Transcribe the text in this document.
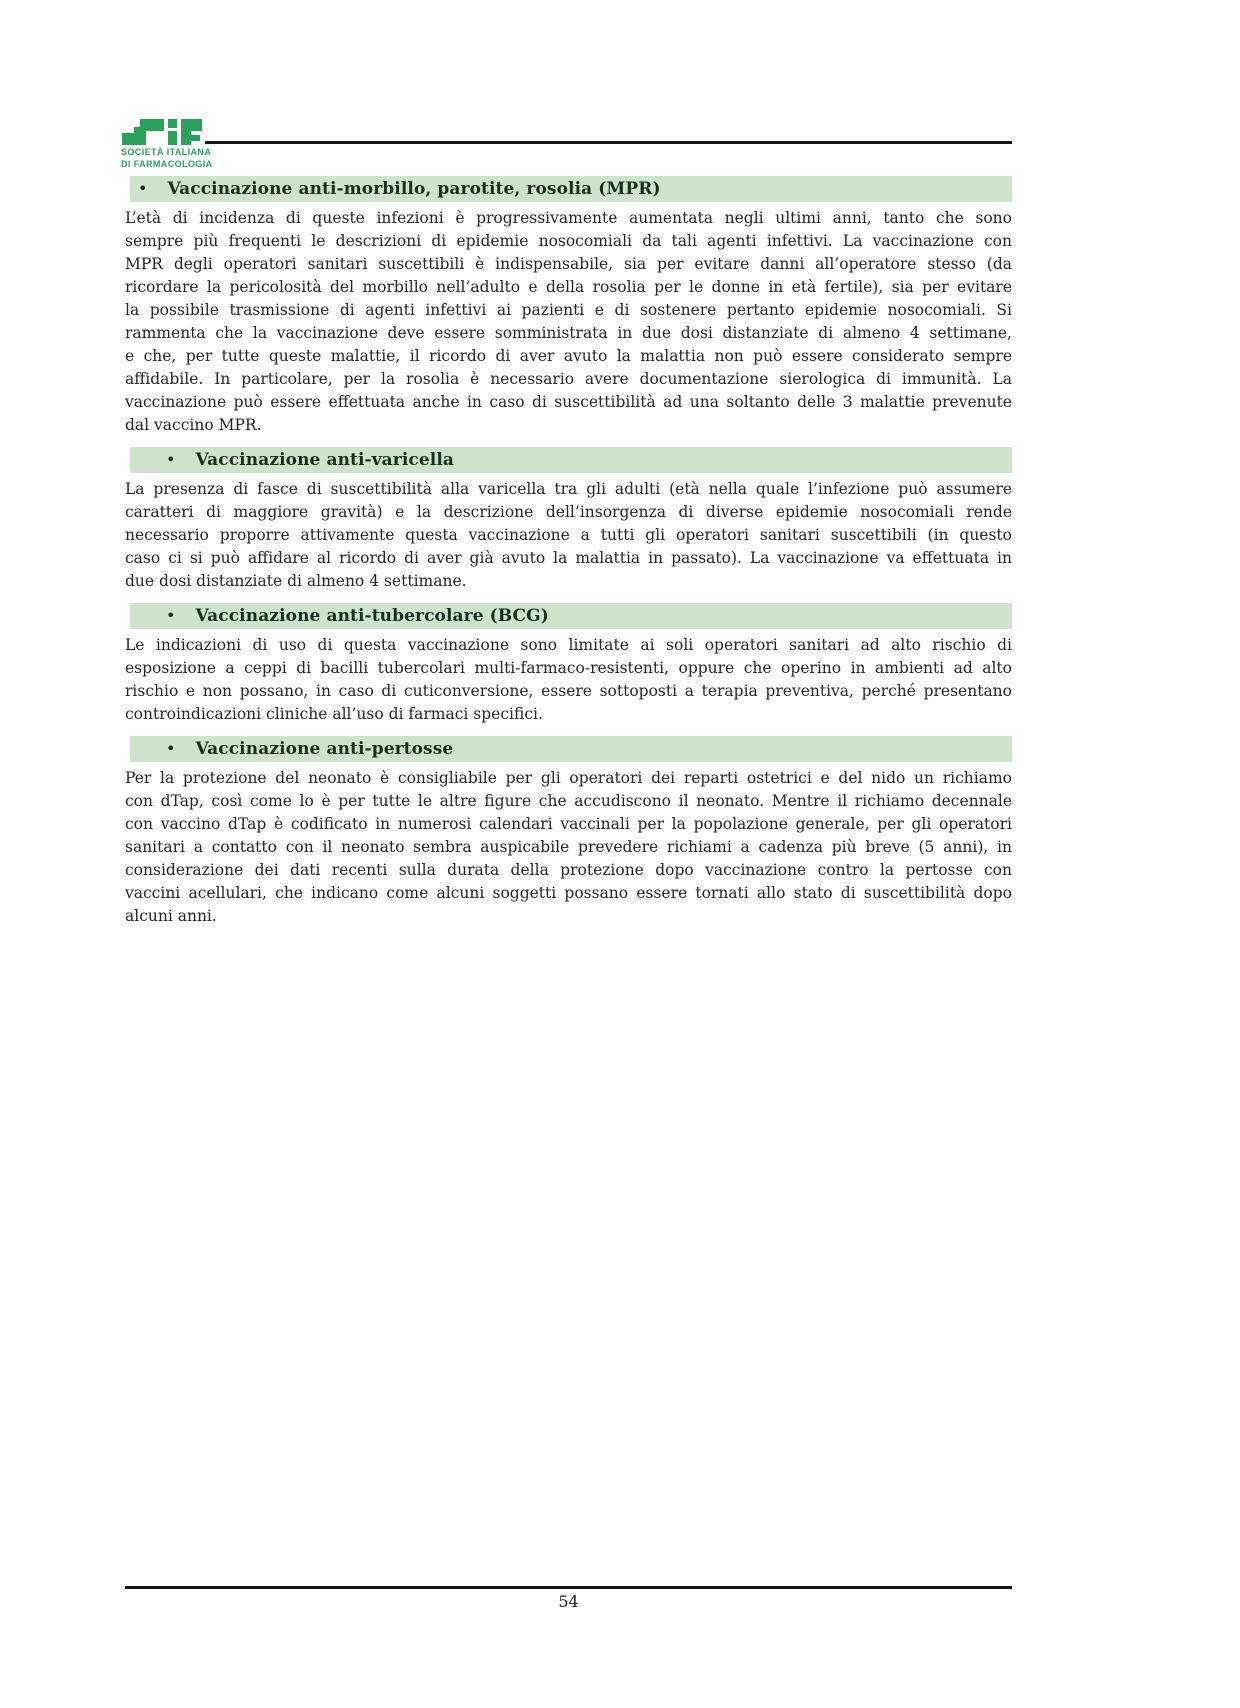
SOCIETÀ ITALIANA
DI FARMACOLOGIA
• Vaccinazione anti-morbillo, parotite, rosolia (MPR)
L’età di incidenza di queste infezioni è progressivamente aumentata negli ultimi anni, tanto che sono
sempre più frequenti le descrizioni di epidemie nosocomiali da tali agenti infettivi. La vaccinazione con
MPR degli operatori sanitari suscettibili è indispensabile, sia per evitare danni all’operatore stesso (da
ricordare la pericolosità del morbillo nell’adulto e della rosolia per le donne in età fertile), sia per evitare
la possibile trasmissione di agenti infettivi ai pazienti e di sostenere pertanto epidemie nosocomiali. Si
rammenta che la vaccinazione deve essere somministrata in due dosi distanziate di almeno 4 settimane,
e che, per tutte queste malattie, il ricordo di aver avuto la malattia non può essere considerato sempre
affidabile. In particolare, per la rosolia è necessario avere documentazione sierologica di immunità. La
vaccinazione può essere effettuata anche in caso di suscettibilità ad una soltanto delle 3 malattie prevenute
dal vaccino MPR.
• Vaccinazione anti-varicella
La presenza di fasce di suscettibilità alla varicella tra gli adulti (età nella quale l’infezione può assumere
caratteri di maggiore gravità) e la descrizione dell’insorgenza di diverse epidemie nosocomiali rende
necessario proporre attivamente questa vaccinazione a tutti gli operatori sanitari suscettibili (in questo
caso ci si può affidare al ricordo di aver già avuto la malattia in passato). La vaccinazione va effettuata in
due dosi distanziate di almeno 4 settimane.
• Vaccinazione anti-tubercolare (BCG)
Le indicazioni di uso di questa vaccinazione sono limitate ai soli operatori sanitari ad alto rischio di
esposizione a ceppi di bacilli tubercolari multi-farmaco-resistenti, oppure che operino in ambienti ad alto
rischio e non possano, in caso di cuticonversione, essere sottoposti a terapia preventiva, perché presentano
controindicazioni cliniche all’uso di farmaci specifici.
• Vaccinazione anti-pertosse
Per la protezione del neonato è consigliabile per gli operatori dei reparti ostetrici e del nido un richiamo
con dTap, così come lo è per tutte le altre figure che accudiscono il neonato. Mentre il richiamo decennale
con vaccino dTap è codificato in numerosi calendari vaccinali per la popolazione generale, per gli operatori
sanitari a contatto con il neonato sembra auspicabile prevedere richiami a cadenza più breve (5 anni), in
considerazione dei dati recenti sulla durata della protezione dopo vaccinazione contro la pertosse con
vaccini acellulari, che indicano come alcuni soggetti possano essere tornati allo stato di suscettibilità dopo
alcuni anni.
54
